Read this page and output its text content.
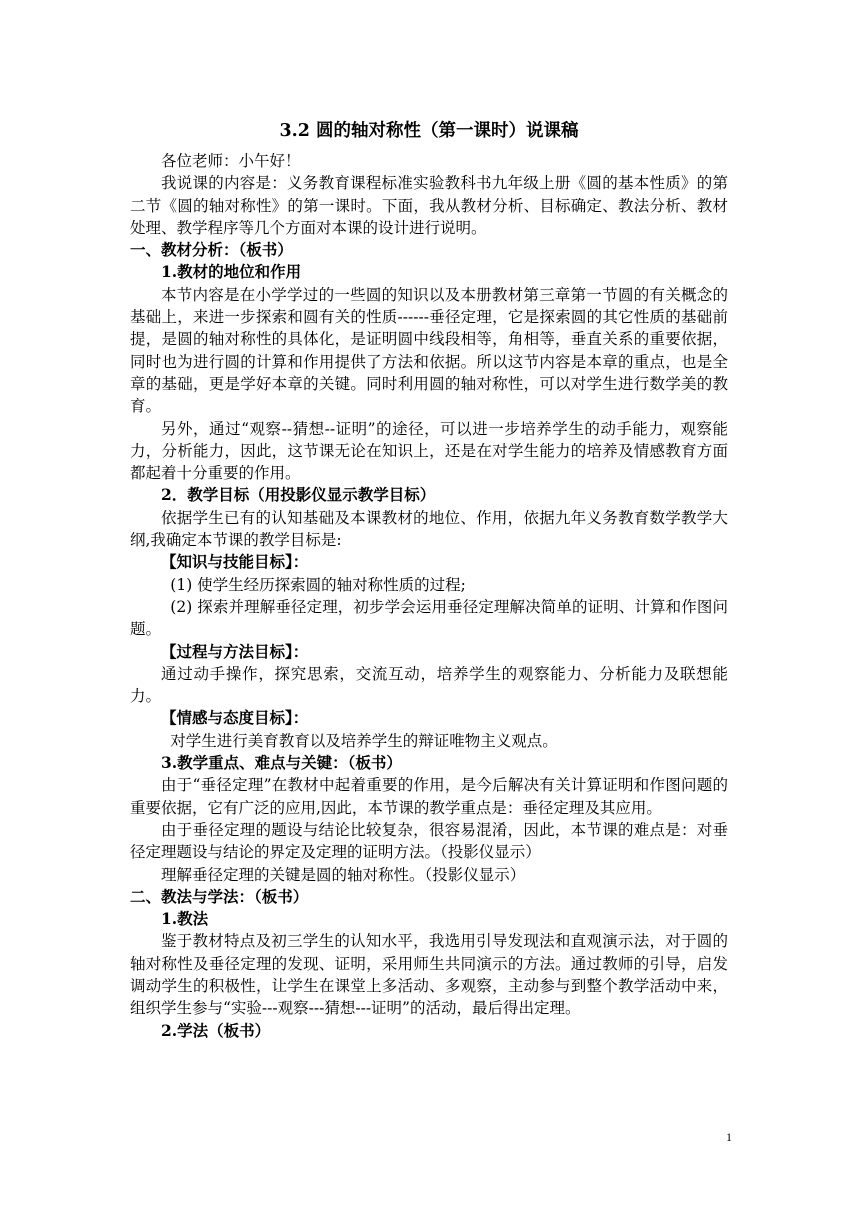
3.2 圆的轴对称性（第一课时）说课稿

各位老师：小午好！

我说课的内容是：义务教育课程标准实验教科书九年级上册《圆的基本性质》的第二节《圆的轴对称性》的第一课时。下面，我从教材分析、目标确定、教法分析、教材处理、教学程序等几个方面对本课的设计进行说明。

一、教材分析：（板书）

1.教材的地位和作用

本节内容是在小学学过的一些圆的知识以及本册教材第三章第一节圆的有关概念的基础上，来进一步探索和圆有关的性质------垂径定理，它是探索圆的其它性质的基础前提，是圆的轴对称性的具体化，是证明圆中线段相等，角相等，垂直关系的重要依据，同时也为进行圆的计算和作用提供了方法和依据。所以这节内容是本章的重点，也是全章的基础，更是学好本章的关键。同时利用圆的轴对称性，可以对学生进行数学美的教育。

另外，通过“观察--猜想--证明”的途径，可以进一步培养学生的动手能力，观察能力，分析能力，因此，这节课无论在知识上，还是在对学生能力的培养及情感教育方面都起着十分重要的作用。

2．教学目标（用投影仪显示教学目标）

依据学生已有的认知基础及本课教材的地位、作用，依据九年义务教育数学教学大纲,我确定本节课的教学目标是:

【知识与技能目标】：

(1) 使学生经历探索圆的轴对称性质的过程;

(2) 探索并理解垂径定理，初步学会运用垂径定理解决简单的证明、计算和作图问题。

【过程与方法目标】：

通过动手操作，探究思索，交流互动，培养学生的观察能力、分析能力及联想能力。

【情感与态度目标】：

对学生进行美育教育以及培养学生的辩证唯物主义观点。

3.教学重点、难点与关键：（板书）

由于“垂径定理”在教材中起着重要的作用，是今后解决有关计算证明和作图问题的重要依据，它有广泛的应用,因此，本节课的教学重点是：垂径定理及其应用。

由于垂径定理的题设与结论比较复杂，很容易混淆，因此，本节课的难点是：对垂径定理题设与结论的界定及定理的证明方法。（投影仪显示）

理解垂径定理的关键是圆的轴对称性。（投影仪显示）

二、教法与学法：（板书）

1.教法

鉴于教材特点及初三学生的认知水平，我选用引导发现法和直观演示法，对于圆的轴对称性及垂径定理的发现、证明，采用师生共同演示的方法。通过教师的引导，启发调动学生的积极性，让学生在课堂上多活动、多观察，主动参与到整个教学活动中来，组织学生参与“实验---观察---猜想---证明”的活动，最后得出定理。

2.学法（板书）

1
